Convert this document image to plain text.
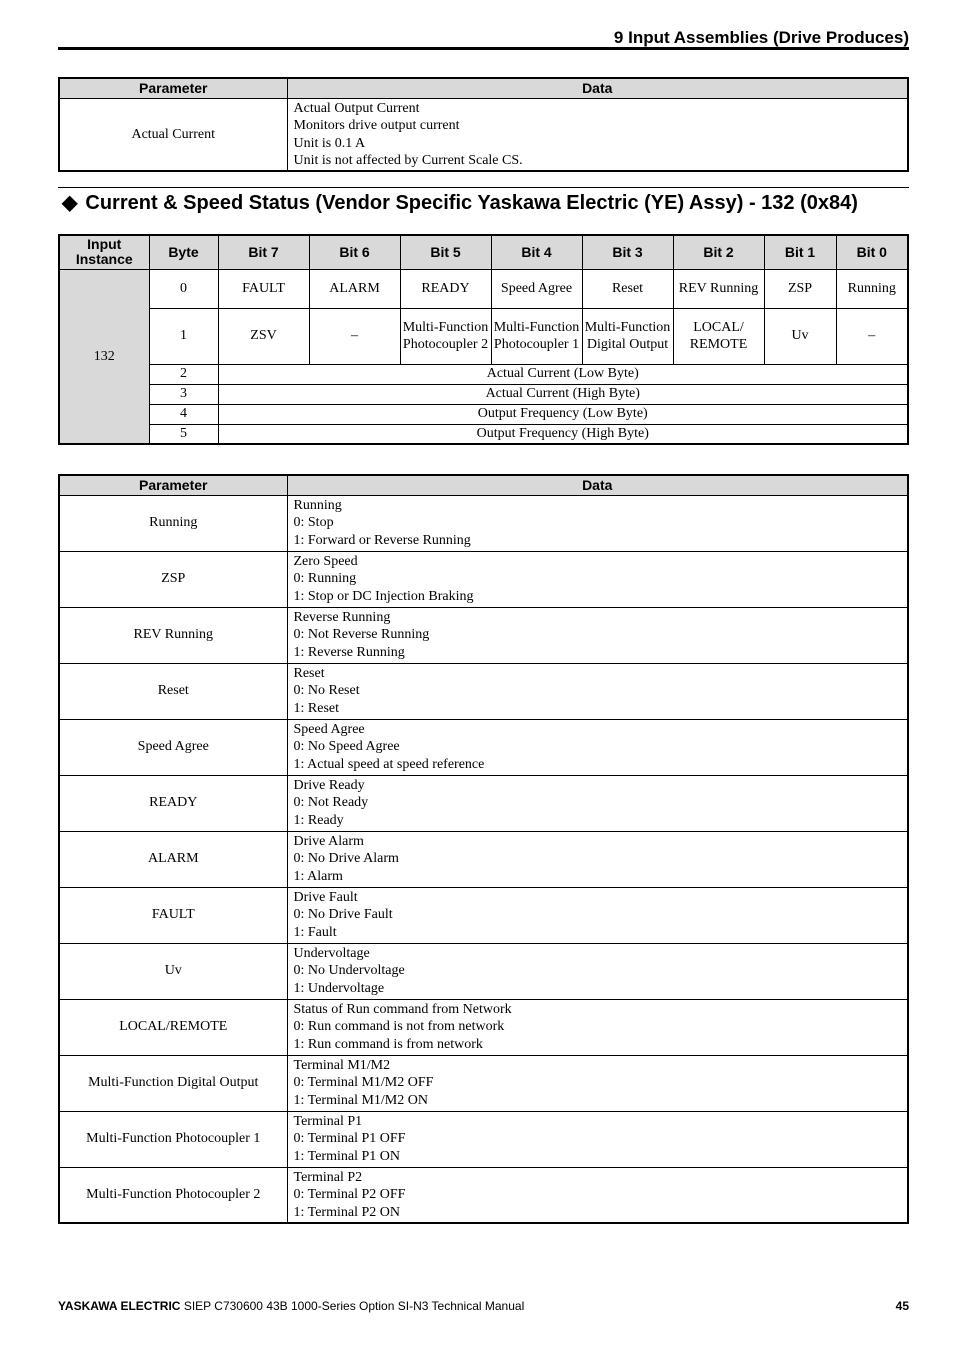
9 Input Assemblies (Drive Produces)
Parameter	Data
Actual Current	Actual Output Current
Monitors drive output current
Unit is 0.1 A
Unit is not affected by Current Scale CS.
◆ Current & Speed Status (Vendor Specific Yaskawa Electric (YE) Assy) - 132 (0x84)
Input Instance	Byte	Bit 7	Bit 6	Bit 5	Bit 4	Bit 3	Bit 2	Bit 1	Bit 0
132	0	FAULT	ALARM	READY	Speed Agree	Reset	REV Running	ZSP	Running
	1	ZSV	–	Multi-Function Photocoupler 2	Multi-Function Photocoupler 1	Multi-Function Digital Output	LOCAL/ REMOTE	Uv	–
	2	Actual Current (Low Byte)							
	3	Actual Current (High Byte)							
	4	Output Frequency (Low Byte)							
	5	Output Frequency (High Byte)							
Parameter	Data
Running	Running
0: Stop
1: Forward or Reverse Running

ZSP	Zero Speed
0: Running
1: Stop or DC Injection Braking

REV Running	Reverse Running
0: Not Reverse Running
1: Reverse Running

Reset	Reset
0: No Reset
1: Reset

Speed Agree	Speed Agree
0: No Speed Agree
1: Actual speed at speed reference

READY	Drive Ready
0: Not Ready
1: Ready

ALARM	Drive Alarm
0: No Drive Alarm
1: Alarm

FAULT	Drive Fault
0: No Drive Fault
1: Fault

Uv	Undervoltage
0: No Undervoltage
1: Undervoltage

LOCAL/REMOTE	Status of Run command from Network
0: Run command is not from network
1: Run command is from network

Multi-Function Digital Output	Terminal M1/M2
0: Terminal M1/M2 OFF
1: Terminal M1/M2 ON

Multi-Function Photocoupler 1	Terminal P1
0: Terminal P1 OFF
1: Terminal P1 ON

Multi-Function Photocoupler 2	Terminal P2
0: Terminal P2 OFF
1: Terminal P2 ON
YASKAWA ELECTRIC SIEP C730600 43B 1000-Series Option SI-N3 Technical Manual	45
